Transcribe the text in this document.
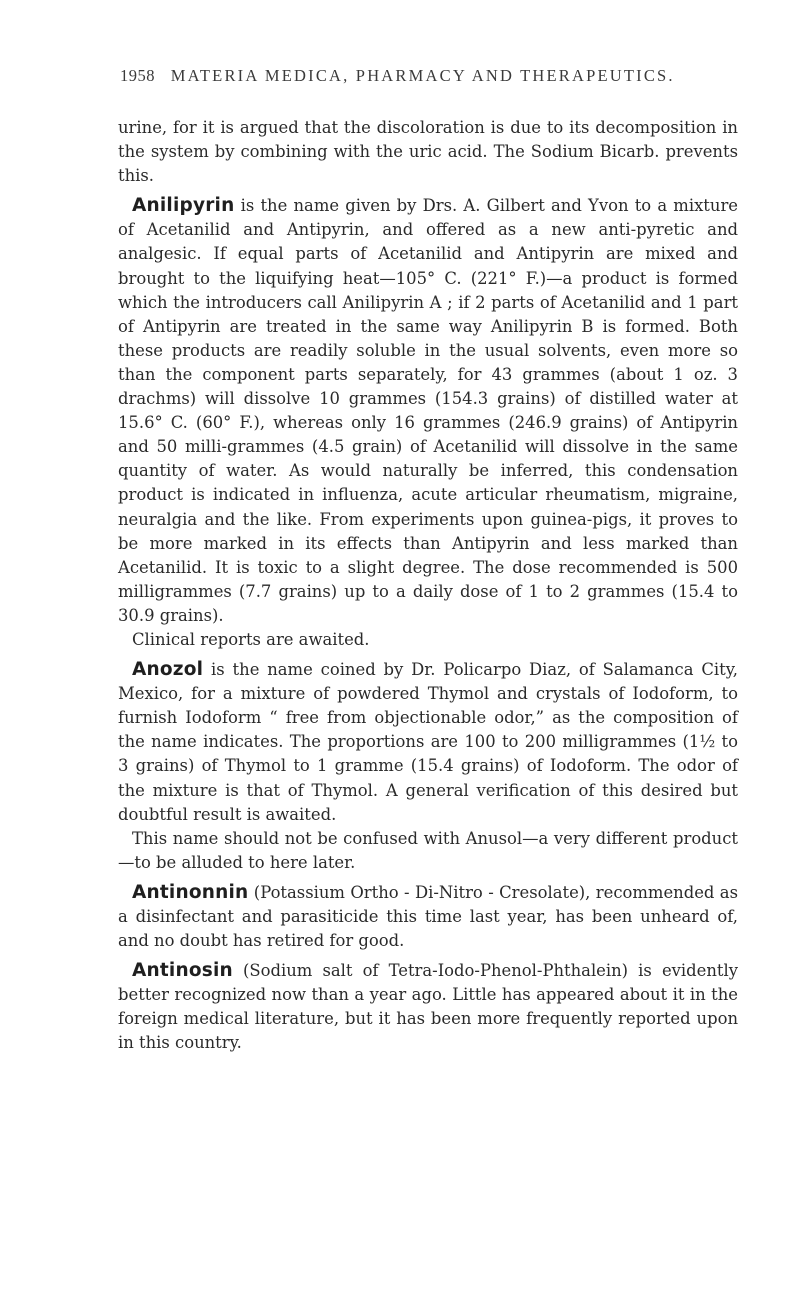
1958 MATERIA MEDICA, PHARMACY AND THERAPEUTICS.

urine, for it is argued that the discoloration is due to its decomposition in the system by combining with the uric acid. The Sodium Bicarb. prevents this.

Anilipyrin is the name given by Drs. A. Gilbert and Yvon to a mixture of Acetanilid and Antipyrin, and offered as a new anti-pyretic and analgesic. If equal parts of Acetanilid and Antipyrin are mixed and brought to the liquifying heat—105° C. (221° F.)—a product is formed which the introducers call Anilipyrin A ; if 2 parts of Acetanilid and 1 part of Antipyrin are treated in the same way Anilipyrin B is formed. Both these products are readily soluble in the usual solvents, even more so than the component parts separately, for 43 grammes (about 1 oz. 3 drachms) will dissolve 10 grammes (154.3 grains) of distilled water at 15.6° C. (60° F.), whereas only 16 grammes (246.9 grains) of Antipyrin and 50 milli-grammes (4.5 grain) of Acetanilid will dissolve in the same quantity of water. As would naturally be inferred, this condensation product is indicated in influenza, acute articular rheumatism, migraine, neuralgia and the like. From experiments upon guinea-pigs, it proves to be more marked in its effects than Antipyrin and less marked than Acetanilid. It is toxic to a slight degree. The dose recommended is 500 milligrammes (7.7 grains) up to a daily dose of 1 to 2 grammes (15.4 to 30.9 grains).

Clinical reports are awaited.

Anozol is the name coined by Dr. Policarpo Diaz, of Salamanca City, Mexico, for a mixture of powdered Thymol and crystals of Iodoform, to furnish Iodoform “ free from objectionable odor,” as the composition of the name indicates. The proportions are 100 to 200 milligrammes (1½ to 3 grains) of Thymol to 1 gramme (15.4 grains) of Iodoform. The odor of the mixture is that of Thymol. A general verification of this desired but doubtful result is awaited.

This name should not be confused with Anusol—a very different product—to be alluded to here later.

Antinonnin (Potassium Ortho - Di-Nitro - Cresolate), recommended as a disinfectant and parasiticide this time last year, has been unheard of, and no doubt has retired for good.

Antinosin (Sodium salt of Tetra-Iodo-Phenol-Phthalein) is evidently better recognized now than a year ago. Little has appeared about it in the foreign medical literature, but it has been more frequently reported upon in this country.
